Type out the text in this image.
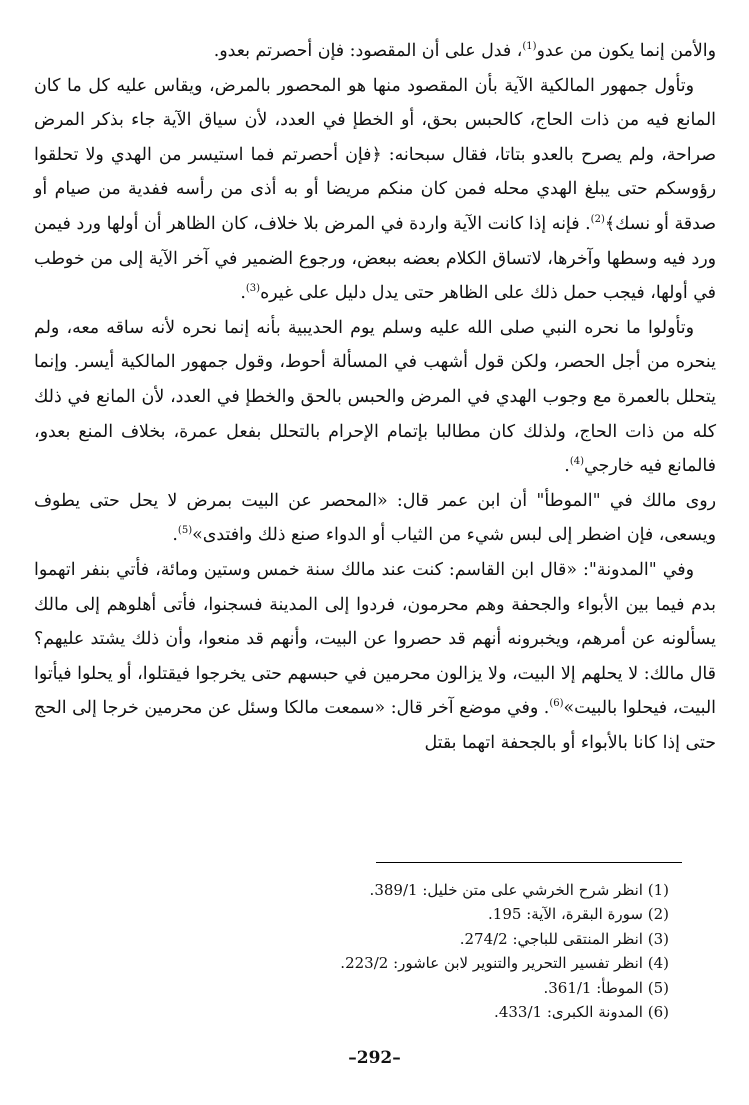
والأمن إنما يكون من عدو$^{(1)}$، فدل على أن المقصود: فإن أحصرتم بعدو.

وتأول جمهور المالكية الآية بأن المقصود منها هو المحصور بالمرض، ويقاس عليه كل ما كان المانع فيه من ذات الحاج، كالحبس بحق، أو الخطإ في العدد، لأن سياق الآية جاء بذكر المرض صراحة، ولم يصرح بالعدو بتاتا، فقال سبحانه: ﴿فإن أحصرتم فما استيسر من الهدي ولا تحلقوا رؤوسكم حتى يبلغ الهدي محله فمن كان منكم مريضا أو به أذى من رأسه ففدية من صيام أو صدقة أو نسك﴾$^{(2)}$. فإنه إذا كانت الآية واردة في المرض بلا خلاف، كان الظاهر أن أولها ورد فيمن ورد فيه وسطها وآخرها، لاتساق الكلام بعضه ببعض، ورجوع الضمير في آخر الآية إلى من خوطب في أولها، فيجب حمل ذلك على الظاهر حتى يدل دليل على غيره$^{(3)}$.

وتأولوا ما نحره النبي صلى الله عليه وسلم يوم الحديبية بأنه إنما نحره لأنه ساقه معه، ولم ينحره من أجل الحصر، ولكن قول أشهب في المسألة أحوط، وقول جمهور المالكية أيسر. وإنما يتحلل بالعمرة مع وجوب الهدي في المرض والحبس بالحق والخطإ في العدد، لأن المانع في ذلك كله من ذات الحاج، ولذلك كان مطالبا بإتمام الإحرام بالتحلل بفعل عمرة، بخلاف المنع بعدو، فالمانع فيه خارجي$^{(4)}$.

روى مالك في "الموطأ" أن ابن عمر قال: «المحصر عن البيت بمرض لا يحل حتى يطوف ويسعى، فإن اضطر إلى لبس شيء من الثياب أو الدواء صنع ذلك وافتدى»$^{(5)}$.

وفي "المدونة": «قال ابن القاسم: كنت عند مالك سنة خمس وستين ومائة، فأتي بنفر اتهموا بدم فيما بين الأبواء والجحفة وهم محرمون، فردوا إلى المدينة فسجنوا، فأتى أهلوهم إلى مالك يسألونه عن أمرهم، ويخبرونه أنهم قد حصروا عن البيت، وأنهم قد منعوا، وأن ذلك يشتد عليهم؟ قال مالك: لا يحلهم إلا البيت، ولا يزالون محرمين في حبسهم حتى يخرجوا فيقتلوا، أو يحلوا فيأتوا البيت، فيحلوا بالبيت»$^{(6)}$. وفي موضع آخر قال: «سمعت مالكا وسئل عن محرمين خرجا إلى الحج حتى إذا كانا بالأبواء أو بالجحفة اتهما بقتل

(1) انظر شرح الخرشي على متن خليل: 389/1.
(2) سورة البقرة، الآية: 195.
(3) انظر المنتقى للباجي: 274/2.
(4) انظر تفسير التحرير والتنوير لابن عاشور: 223/2.
(5) الموطأ: 361/1.
(6) المدونة الكبرى: 433/1.
–292–
